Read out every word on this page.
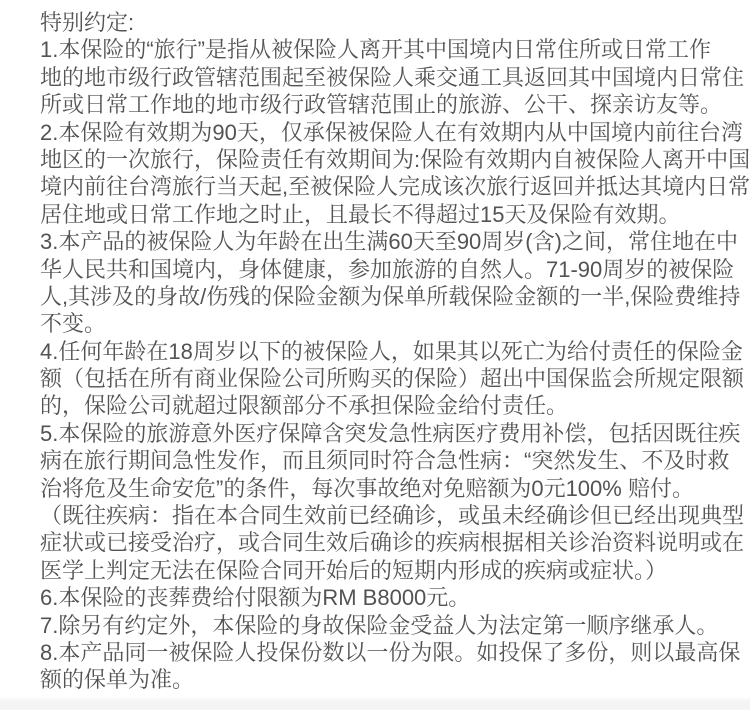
特别约定:
1.本保险的“旅行”是指从被保险人离开其中国境内日常住所或日常工作
地的地市级行政管辖范围起至被保险人乘交通工具返回其中国境内日常住
所或日常工作地的地市级行政管辖范围止的旅游、公干、探亲访友等。
2.本保险有效期为90天，仅承保被保险人在有效期内从中国境内前往台湾
地区的一次旅行，保险责任有效期间为:保险有效期内自被保险人离开中国
境内前往台湾旅行当天起,至被保险人完成该次旅行返回并抵达其境内日常
居住地或日常工作地之时止，且最长不得超过15天及保险有效期。
3.本产品的被保险人为年龄在出生满60天至90周岁(含)之间，常住地在中
华人民共和国境内，身体健康，参加旅游的自然人。71-90周岁的被保险
人,其涉及的身故/伤残的保险金额为保单所载保险金额的一半,保险费维持
不变。
4.任何年龄在18周岁以下的被保险人，如果其以死亡为给付责任的保险金
额（包括在所有商业保险公司所购买的保险）超出中国保监会所规定限额
的，保险公司就超过限额部分不承担保险金给付责任。
5.本保险的旅游意外医疗保障含突发急性病医疗费用补偿，包括因既往疾
病在旅行期间急性发作，而且须同时符合急性病：“突然发生、不及时救
治将危及生命安危”的条件，每次事故绝对免赔额为0元100% 赔付。
（既往疾病：指在本合同生效前已经确诊，或虽未经确诊但已经出现典型
症状或已接受治疗，或合同生效后确诊的疾病根据相关诊治资料说明或在
医学上判定无法在保险合同开始后的短期内形成的疾病或症状。）
6.本保险的丧葬费给付限额为RM B8000元。
7.除另有约定外，本保险的身故保险金受益人为法定第一顺序继承人。
8.本产品同一被保险人投保份数以一份为限。如投保了多份，则以最高保
额的保单为准。
